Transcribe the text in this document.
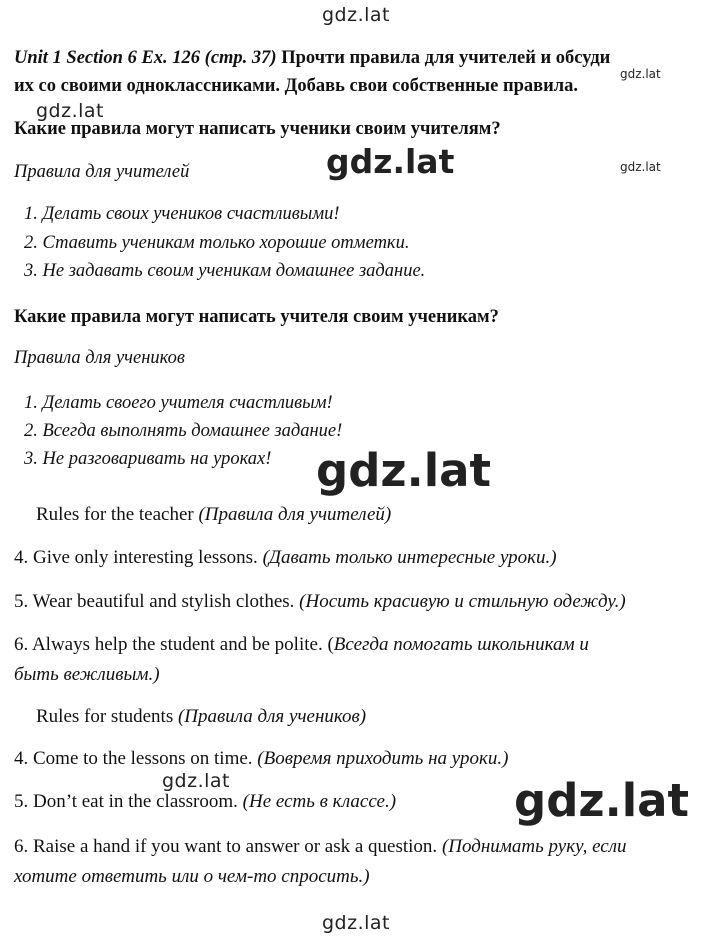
gdz.lat
gdz.lat
gdz.lat
gdz.lat	gdz.lat
gdz.lat
gdz.lat	gdz.lat
gdz.lat
Unit 1 Section 6 Ex. 126 (стр. 37) Прочти правила для учителей и обсуди
их со своими одноклассниками. Добавь свои собственные правила.
Какие правила могут написать ученики своим учителям?
Правила для учителей
1. Делать своих учеников счастливыми!
2. Ставить ученикам только хорошие отметки.
3. Не задавать своим ученикам домашнее задание.
Какие правила могут написать учителя своим ученикам?
Правила для учеников
1. Делать своего учителя счастливым!
2. Всегда выполнять домашнее задание!
3. Не разговаривать на уроках!
Rules for the teacher (Правила для учителей)
4. Give only interesting lessons. (Давать только интересные уроки.)
5. Wear beautiful and stylish clothes. (Носить красивую и стильную одежду.)
6. Always help the student and be polite. (Всегда помогать школьникам и
быть вежливым.)
Rules for students (Правила для учеников)
4. Come to the lessons on time. (Вовремя приходить на уроки.)
5. Don’t eat in the classroom. (Не есть в классе.)
6. Raise a hand if you want to answer or ask a question. (Поднимать руку, если
хотите ответить или о чем-то спросить.)
